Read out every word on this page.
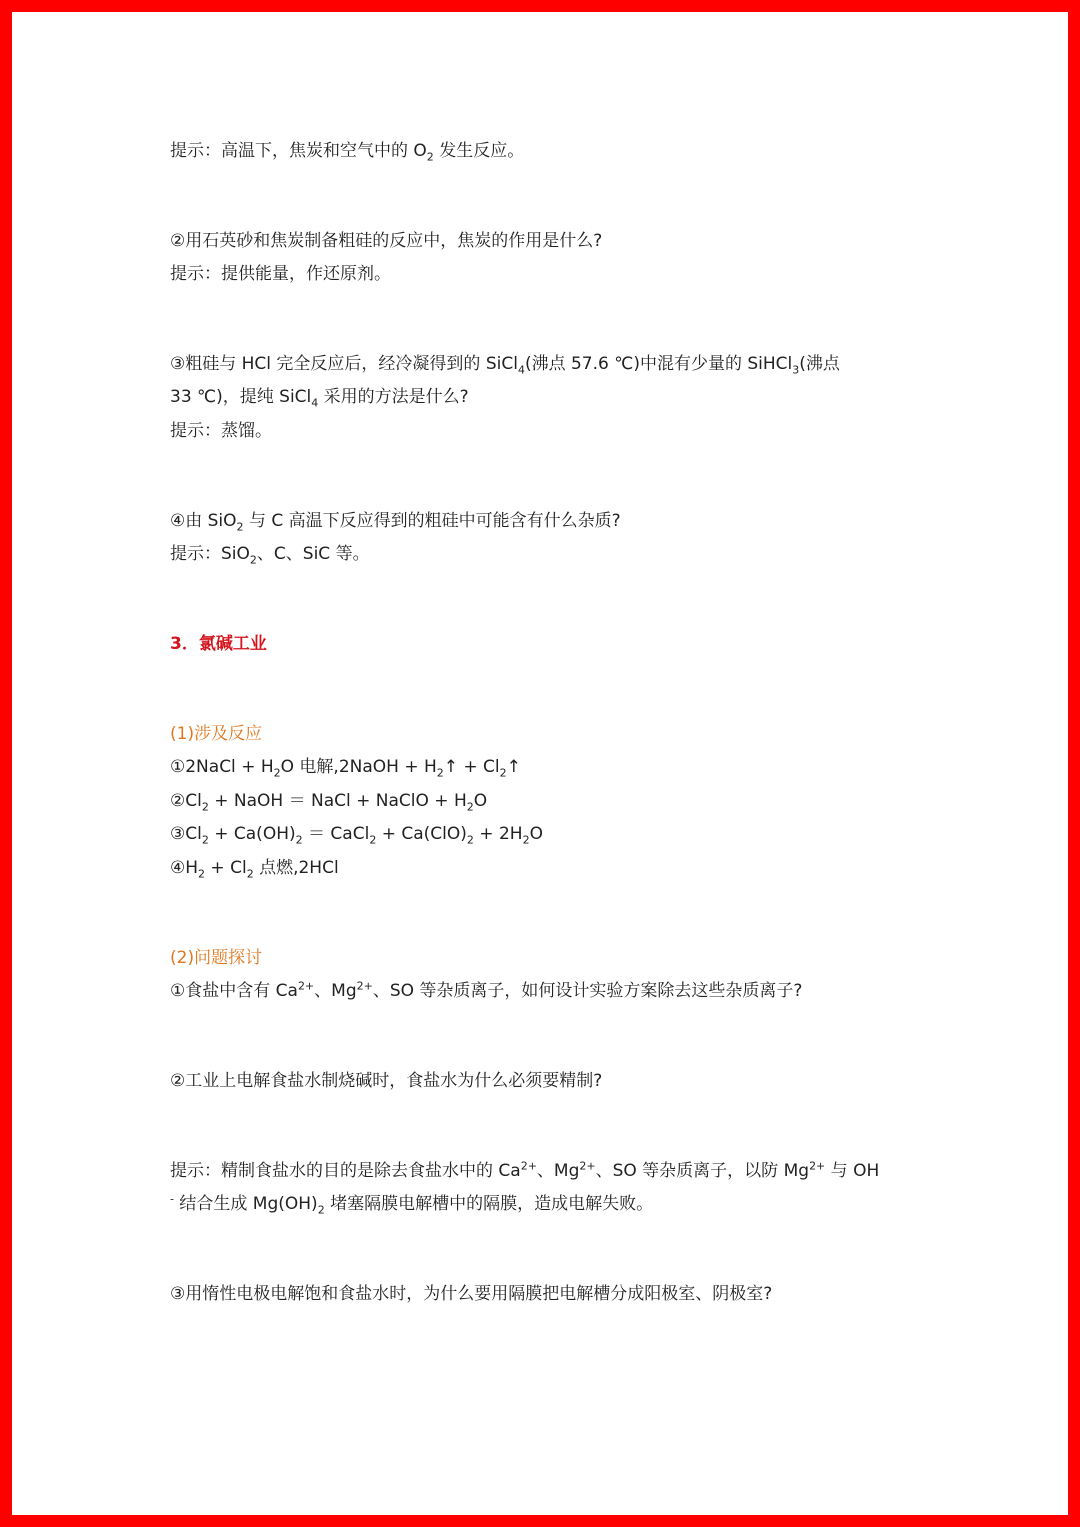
提示：高温下，焦炭和空气中的 $O_2$ 发生反应。
②用石英砂和焦炭制备粗硅的反应中，焦炭的作用是什么?
提示：提供能量，作还原剂。
③粗硅与 HCl 完全反应后，经冷凝得到的 SiCl$_4$(沸点 57.6 ℃)中混有少量的 SiHCl$_3$(沸点
33 ℃)，提纯 SiCl$_4$ 采用的方法是什么?
提示：蒸馏。
④由 SiO$_2$ 与 C 高温下反应得到的粗硅中可能含有什么杂质?
提示：SiO$_2$、C、SiC 等。
3．氯碱工业
(1)涉及反应
①2NaCl + $H_2O$ 电解,2NaOH + $H_2↑$ + $Cl_2↑$
$②Cl_2$ + NaOH ＝ NaCl + NaClO + $H_2O$
$③Cl_2 + Ca(OH)_2$ ＝ CaCl$_2$ + $Ca(ClO)_2 + 2H_2O$
$④H_2 + Cl_2$ 点燃,2HCl
(2)问题探讨
①食盐中含有 $Ca^{2+}$、$Mg^{2+}$、SO 等杂质离子，如何设计实验方案除去这些杂质离子?
②工业上电解食盐水制烧碱时，食盐水为什么必须要精制?
提示：精制食盐水的目的是除去食盐水中的 $Ca^{2+}$、$Mg^{2+}$、SO 等杂质离子，以防 $Mg^{2+}$ 与 OH
- 结合生成 $Mg(OH)_2$ 堵塞隔膜电解槽中的隔膜，造成电解失败。
③用惰性电极电解饱和食盐水时，为什么要用隔膜把电解槽分成阳极室、阴极室?
